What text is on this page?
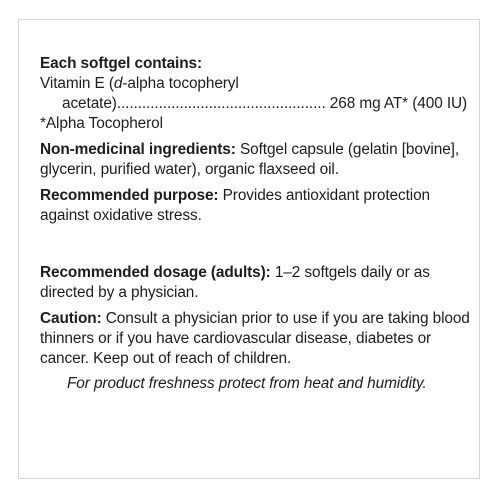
Each softgel contains:

Vitamin E (d-alpha tocopheryl

acetate).................................................. 268 mg AT* (400 IU)

*Alpha Tocopherol

Non-medicinal ingredients: Softgel capsule (gelatin [bovine], glycerin, purified water), organic flaxseed oil.

Recommended purpose: Provides antioxidant protection against oxidative stress.

Recommended dosage (adults): 1–2 softgels daily or as directed by a physician.

Caution: Consult a physician prior to use if you are taking blood thinners or if you have cardiovascular disease, diabetes or cancer. Keep out of reach of children.

For product freshness protect from heat and humidity.
